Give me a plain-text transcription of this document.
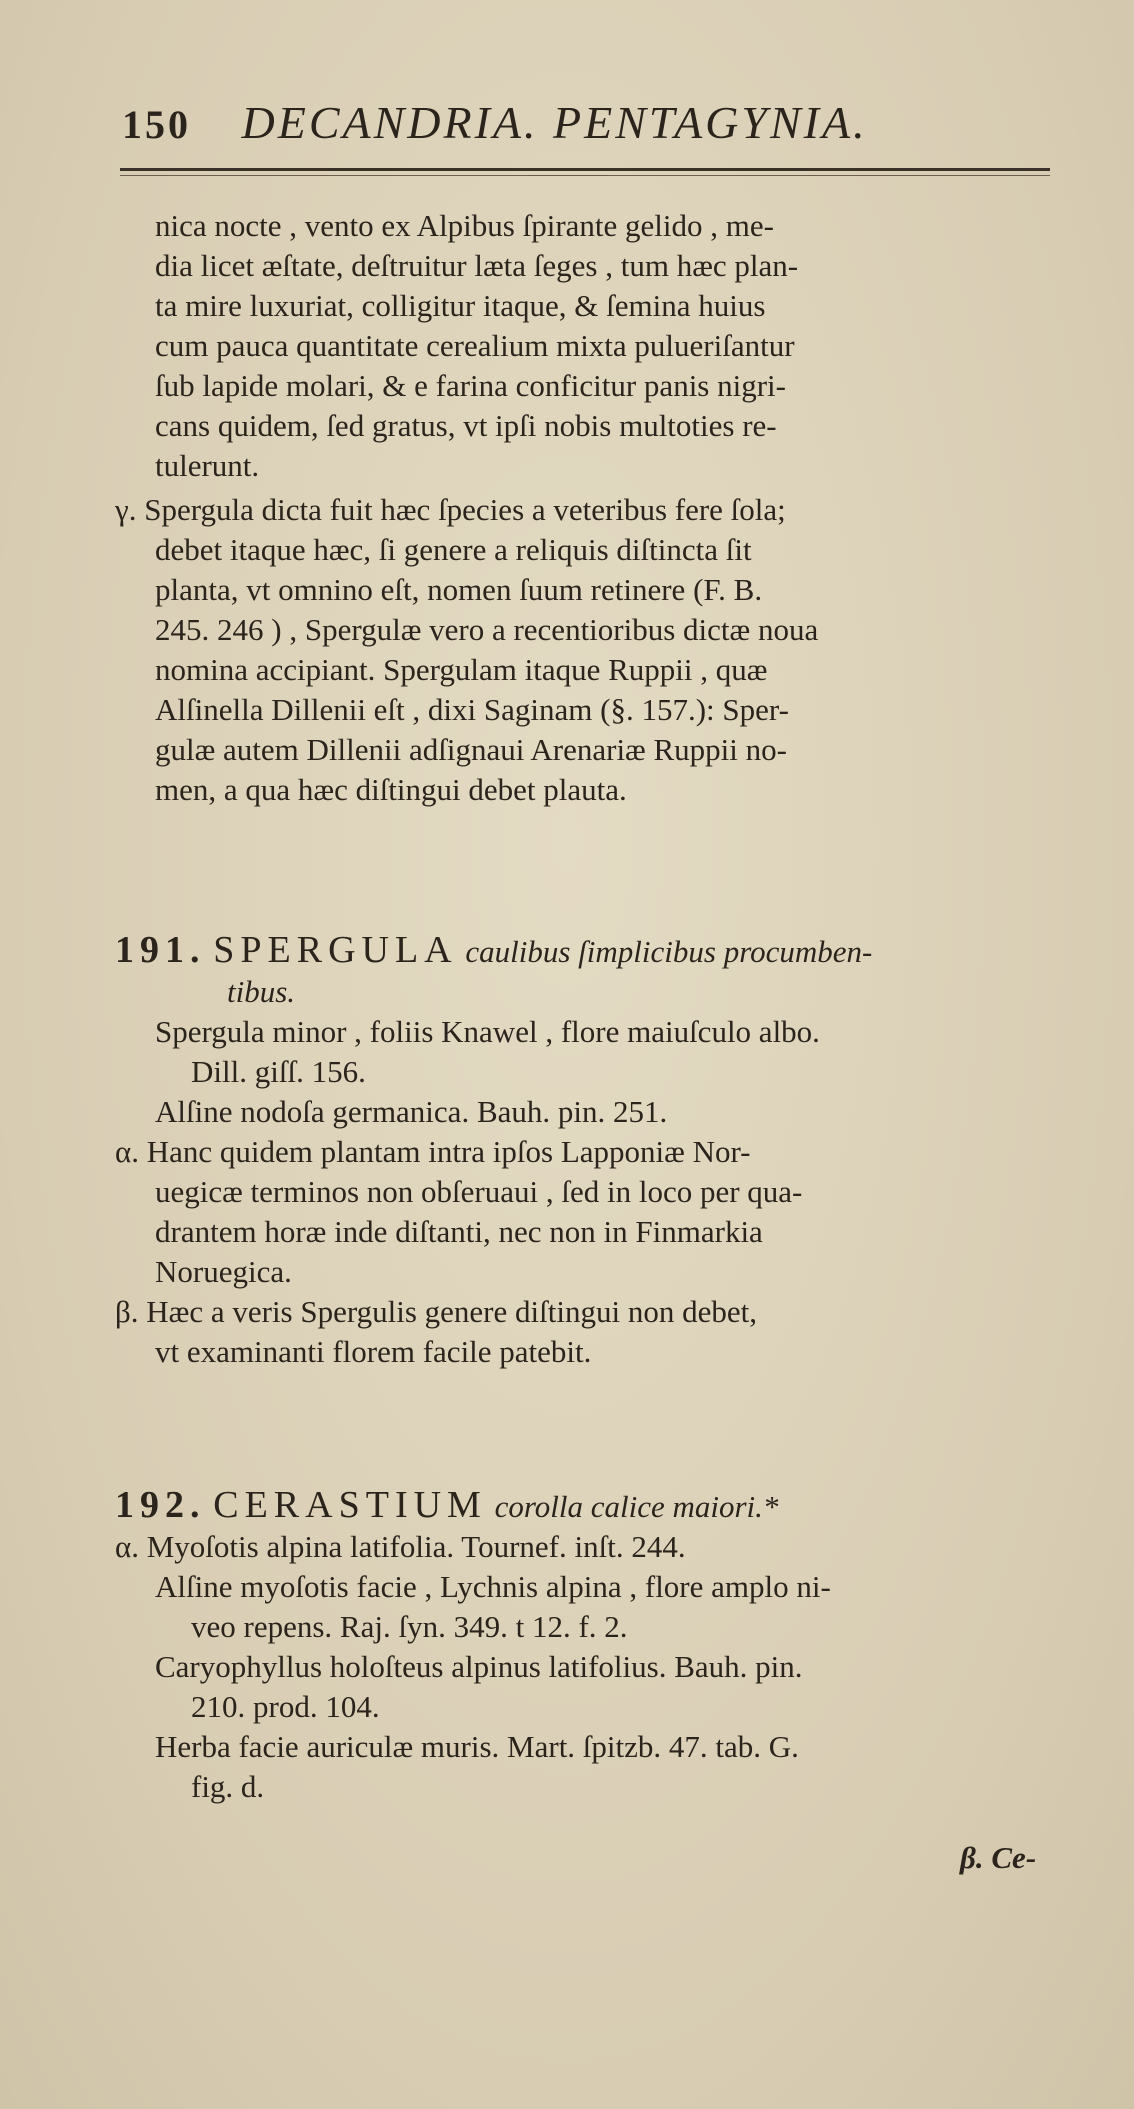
150 DECANDRIA. PENTAGYNIA.
nica nocte , vento ex Alpibus ſpirante gelido , me-
dia licet æſtate, deſtruitur læta ſeges , tum hæc plan-
ta mire luxuriat, colligitur itaque, & ſemina huius
cum pauca quantitate cerealium mixta pulueriſantur
ſub lapide molari, & e farina conficitur panis nigri-
cans quidem, ſed gratus, vt ipſi nobis multoties re-
tulerunt.
γ. Spergula dicta fuit hæc ſpecies a veteribus fere ſola;
debet itaque hæc, ſi genere a reliquis diſtincta ſit
planta, vt omnino eſt, nomen ſuum retinere (F. B.
245. 246 ) , Spergulæ vero a recentioribus dictæ noua
nomina accipiant. Spergulam itaque Ruppii , quæ
Alſinella Dillenii eſt , dixi Saginam (§. 157.): Sper-
gulæ autem Dillenii adſignaui Arenariæ Ruppii no-
men, a qua hæc diſtingui debet plauta.
191. SPERGULA caulibus ſimplicibus procumben-
tibus.
Spergula minor , foliis Knawel , flore maiuſculo albo.
Dill. giſſ. 156.
Alſine nodoſa germanica. Bauh. pin. 251.
α. Hanc quidem plantam intra ipſos Lapponiæ Nor-
uegicæ terminos non obſeruaui , ſed in loco per qua-
drantem horæ inde diſtanti, nec non in Finmarkia
Noruegica.
β. Hæc a veris Spergulis genere diſtingui non debet,
vt examinanti florem facile patebit.
192. CERASTIUM corolla calice maiori.*
α. Myoſotis alpina latifolia. Tournef. inſt. 244.
Alſine myoſotis facie , Lychnis alpina , flore amplo ni-
veo repens. Raj. ſyn. 349. t 12. f. 2.
Caryophyllus holoſteus alpinus latifolius. Bauh. pin.
210. prod. 104.
Herba facie auriculæ muris. Mart. ſpitzb. 47. tab. G.
fig. d.
β. Ce-
